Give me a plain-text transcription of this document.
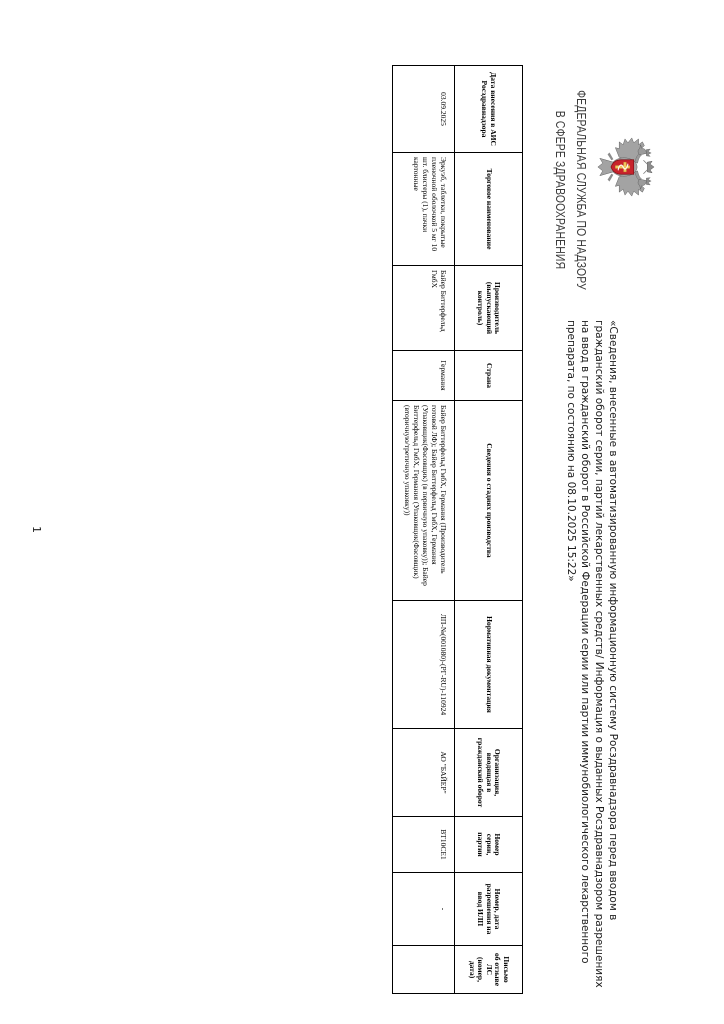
ФЕДЕРАЛЬНАЯ СЛУЖБА ПО НАДЗОРУ
В СФЕРЕ ЗДРАВООХРАНЕНИЯ
«Сведения, внесенные в автоматизированную информационную систему Росздравнадзора перед вводом в
гражданский оборот серии, партий лекарственных средств/ Информация о выданных Росздравнадзором разрешениях
на ввод в гражданский оборот в Российской Федерации серии или партии иммунобиологического лекарственного
препарата, по состоянию на 08.10.2025 15:22»
Дата внесения в АИС Росздравнадзора	Торговое наименование	Производитель (выпускающий контроль)	Страна	Сведения о стадиях производства	Нормативная документация	Организация, вводящая в гражданский оборот	Номер серии, партии	Номер, дата разрешения на ввод ИЛП	Письмо об отзыве ЛС (номер, дата)
03.09.2025	Эркуэб, таблетки, покрытые пленочной оболочкой 5 мг 10 шт. блистеры (1), пачки картонные	Байер Биттерфельд ГмбХ	Германия	Байер Биттерфельд ГмбХ, Германия (Производитель готовой ЛФ); Байер Биттерфельд ГмбХ, Германия (Упаковщик(Фасовщик) (в первичную упаковку)); Байер Биттерфельд ГмбХ, Германия (Упаковщик(Фасовщик) (вторичную/третичную упаковку))	ЛП-№(001080)-(РГ-RU)-110924	АО "БАЙЕР"	BT10CE1	-	
1
